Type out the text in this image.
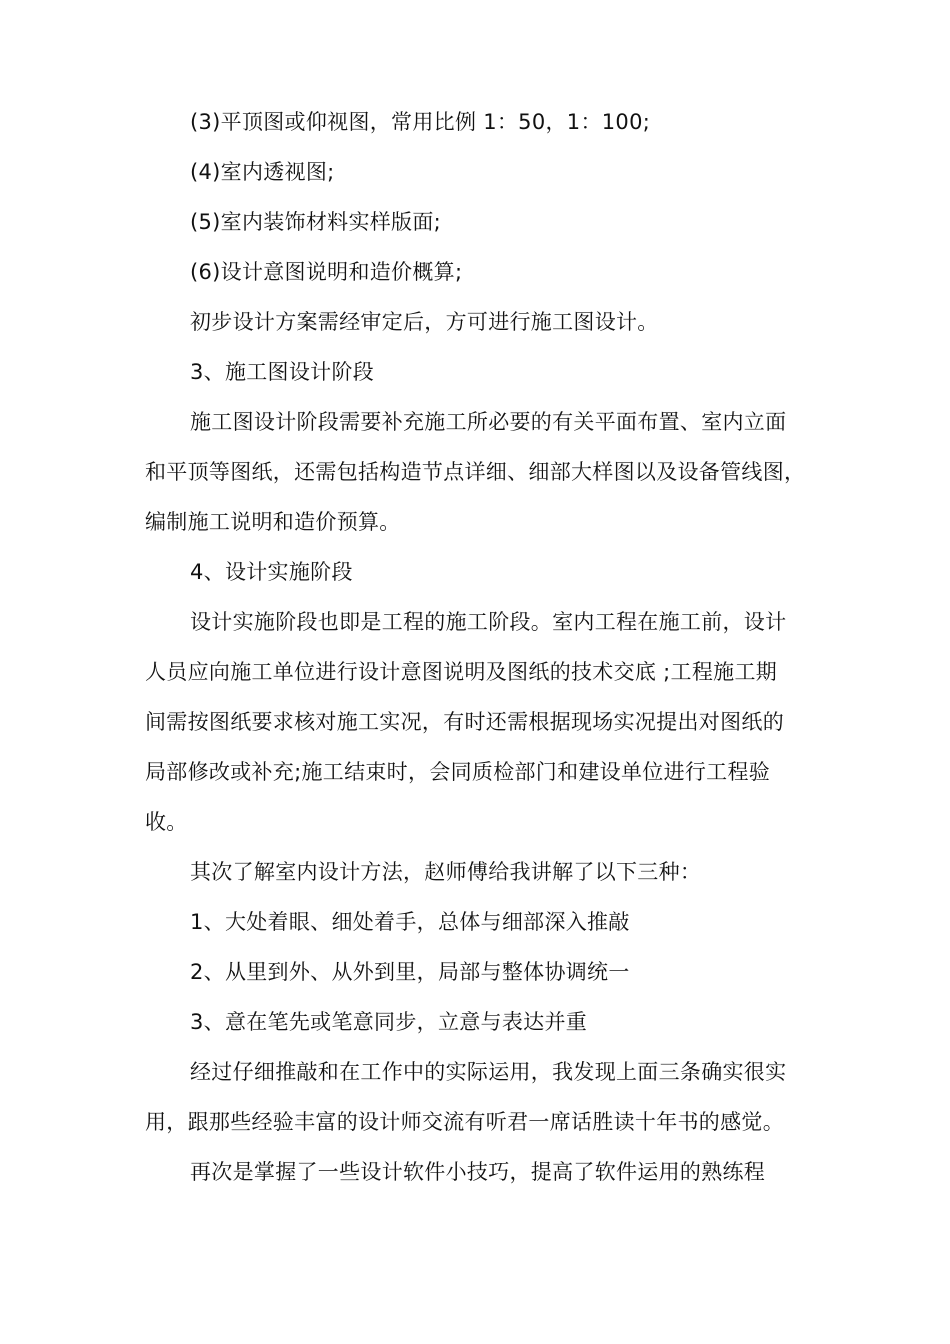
(3)平顶图或仰视图，常用比例 1：50，1：100;
(4)室内透视图;
(5)室内装饰材料实样版面;
(6)设计意图说明和造价概算;
初步设计方案需经审定后，方可进行施工图设计。
3、施工图设计阶段
施工图设计阶段需要补充施工所必要的有关平面布置、室内立面
和平顶等图纸，还需包括构造节点详细、细部大样图以及设备管线图，
编制施工说明和造价预算。
4、设计实施阶段
设计实施阶段也即是工程的施工阶段。室内工程在施工前，设计
人员应向施工单位进行设计意图说明及图纸的技术交底 ;工程施工期
间需按图纸要求核对施工实况，有时还需根据现场实况提出对图纸的
局部修改或补充;施工结束时，会同质检部门和建设单位进行工程验
收。
其次了解室内设计方法，赵师傅给我讲解了以下三种：
1、大处着眼、细处着手，总体与细部深入推敲
2、从里到外、从外到里，局部与整体协调统一
3、意在笔先或笔意同步，立意与表达并重
经过仔细推敲和在工作中的实际运用，我发现上面三条确实很实
用，跟那些经验丰富的设计师交流有听君一席话胜读十年书的感觉。
再次是掌握了一些设计软件小技巧，提高了软件运用的熟练程
